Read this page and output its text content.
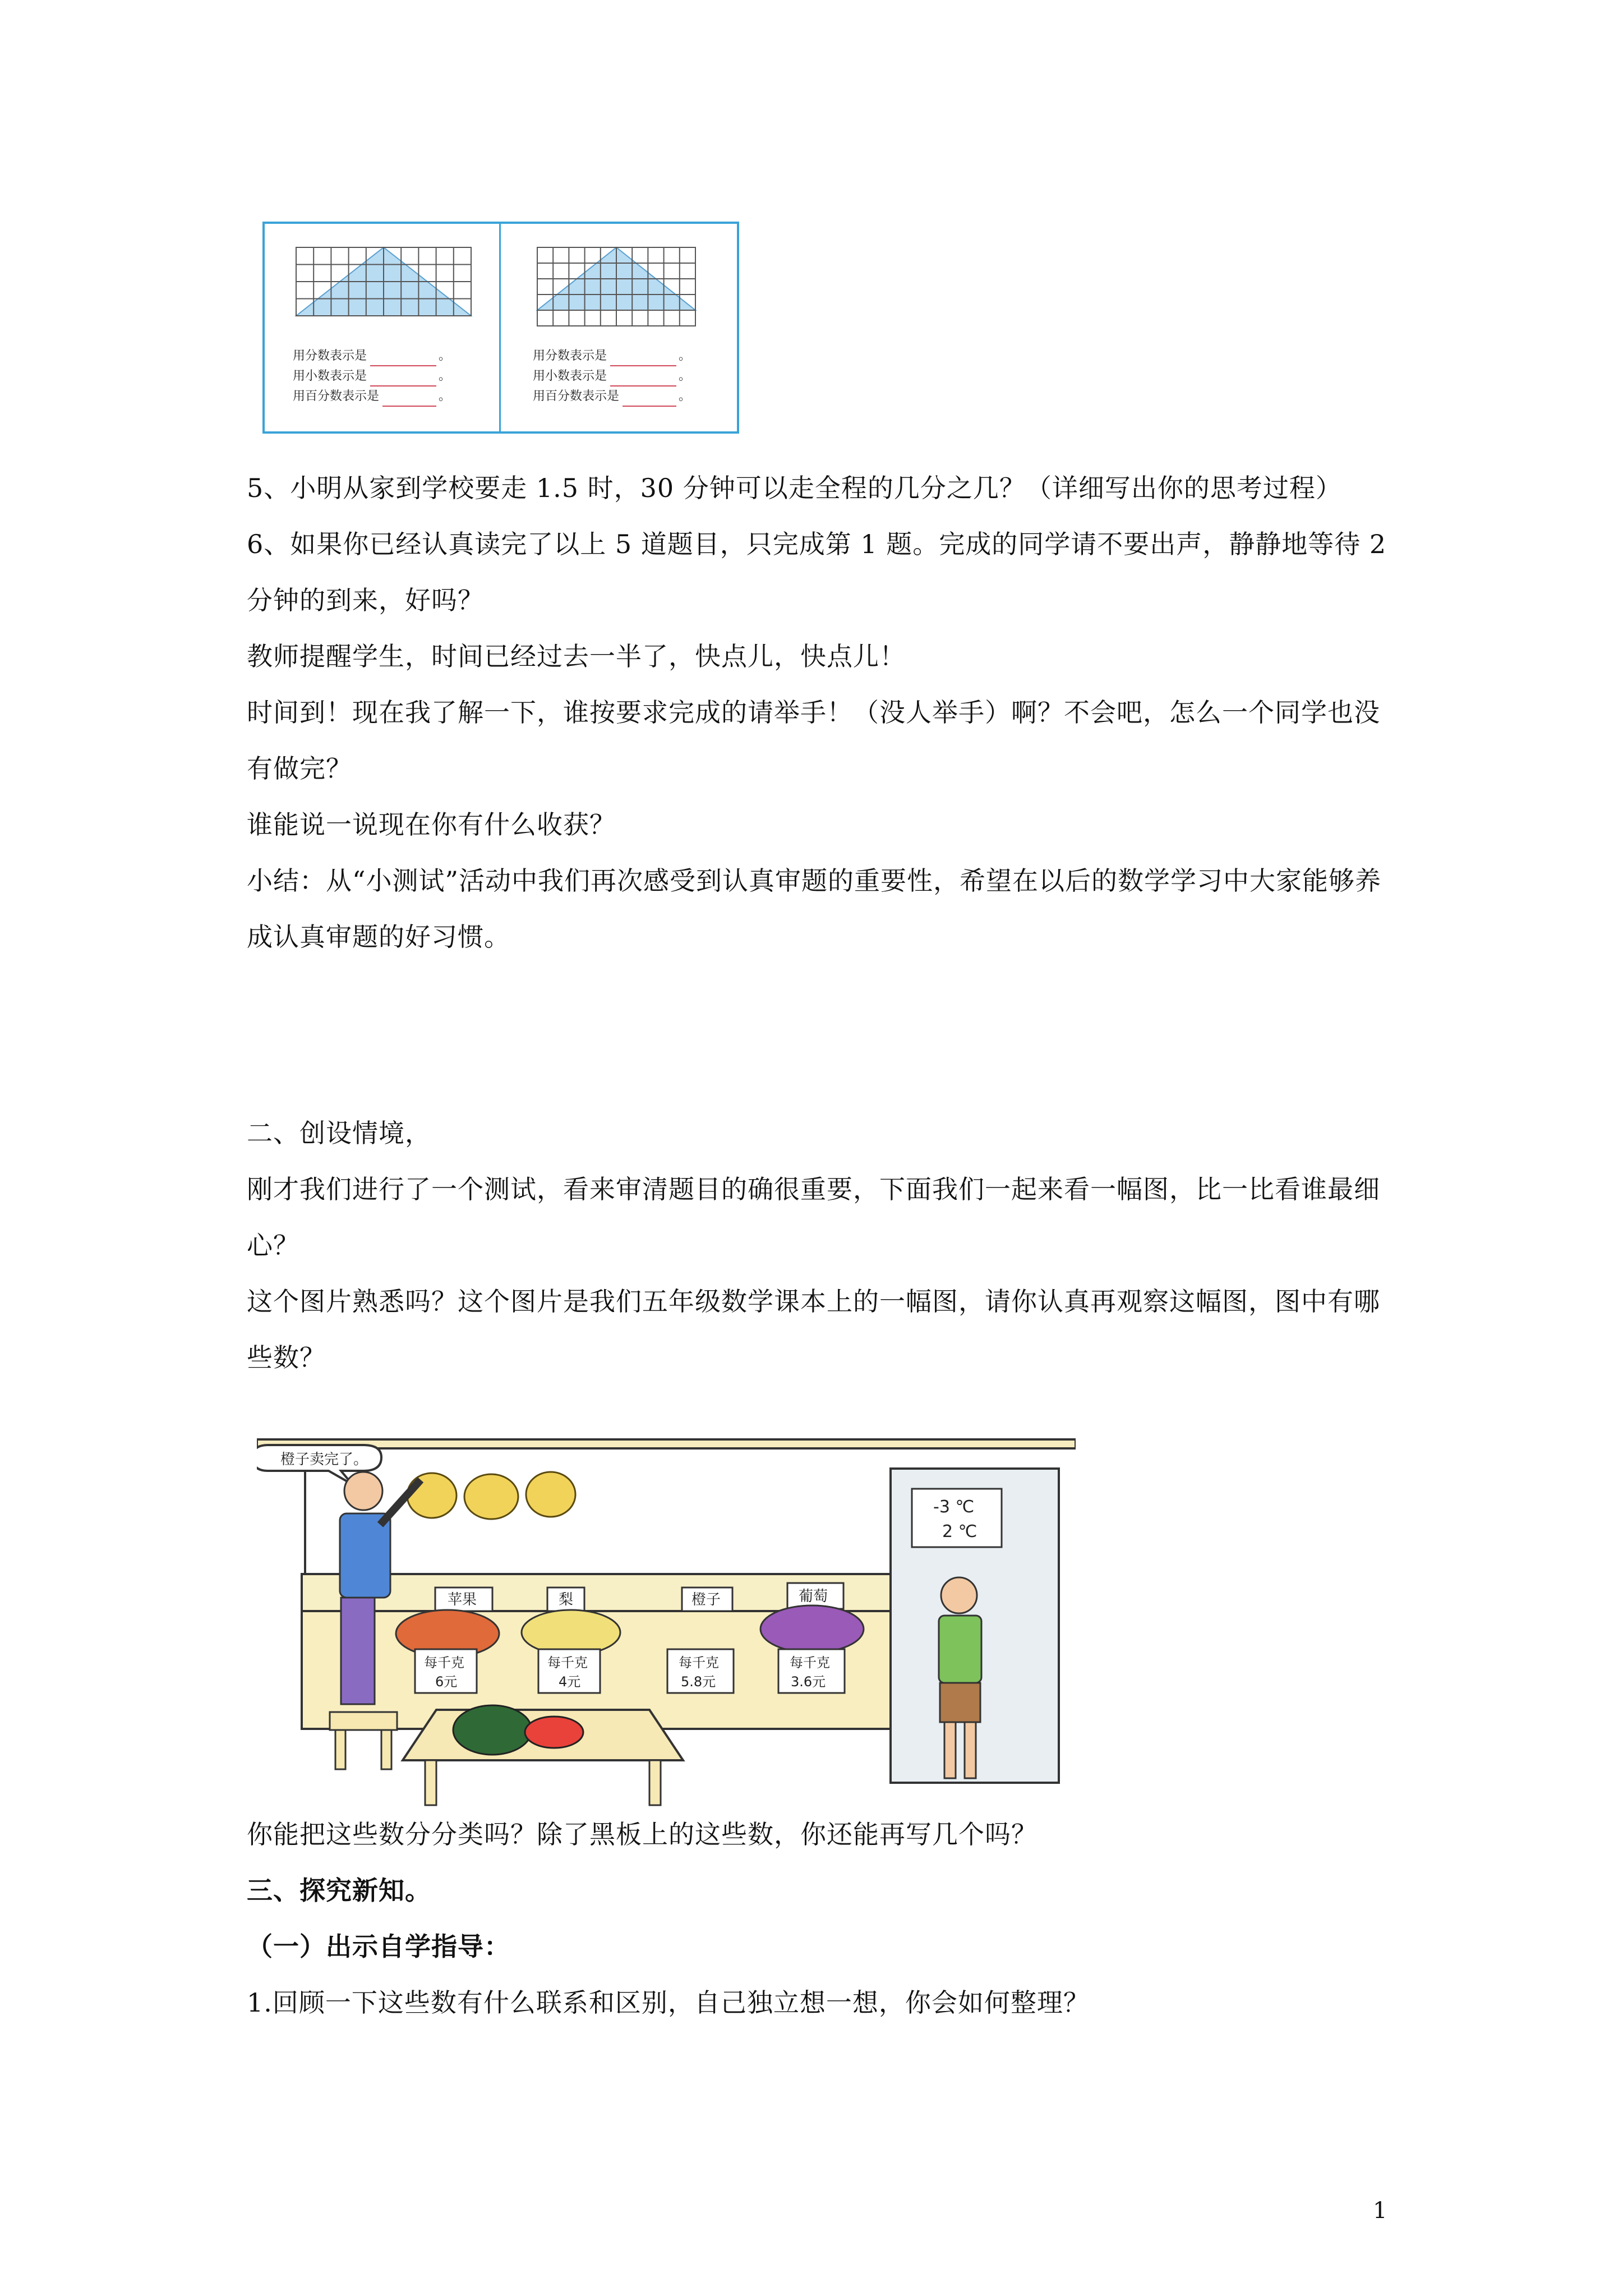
用分数表示是	。
用小数表示是	。
用百分数表示是	。
用分数表示是	。
用小数表示是	。
用百分数表示是	。

5、小明从家到学校要走 1.5 时，30 分钟可以走全程的几分之几？（详细写出你的思考过程）

6、如果你已经认真读完了以上 5 道题目，只完成第 1 题。完成的同学请不要出声，静静地等待 2 分钟的到来，好吗？

教师提醒学生，时间已经过去一半了，快点儿，快点儿！

时间到！现在我了解一下，谁按要求完成的请举手！（没人举手）啊？不会吧，怎么一个同学也没有做完？

谁能说一说现在你有什么收获？

小结：从“小测试”活动中我们再次感受到认真审题的重要性，希望在以后的数学学习中大家能够养成认真审题的好习惯。

二、创设情境，

刚才我们进行了一个测试，看来审清题目的确很重要，下面我们一起来看一幅图，比一比看谁最细心？

这个图片熟悉吗？这个图片是我们五年级数学课本上的一幅图，请你认真再观察这幅图，图中有哪些数？

橙子卖完了。
-3 ℃
2 ℃
苹果	梨	橙子	葡萄
每千克
6元
每千克
4元
每千克
5.8元
每千克
3.6元

你能把这些数分分类吗？除了黑板上的这些数，你还能再写几个吗？

三、探究新知。

（一）出示自学指导：

1.回顾一下这些数有什么联系和区别，自己独立想一想，你会如何整理？

1
